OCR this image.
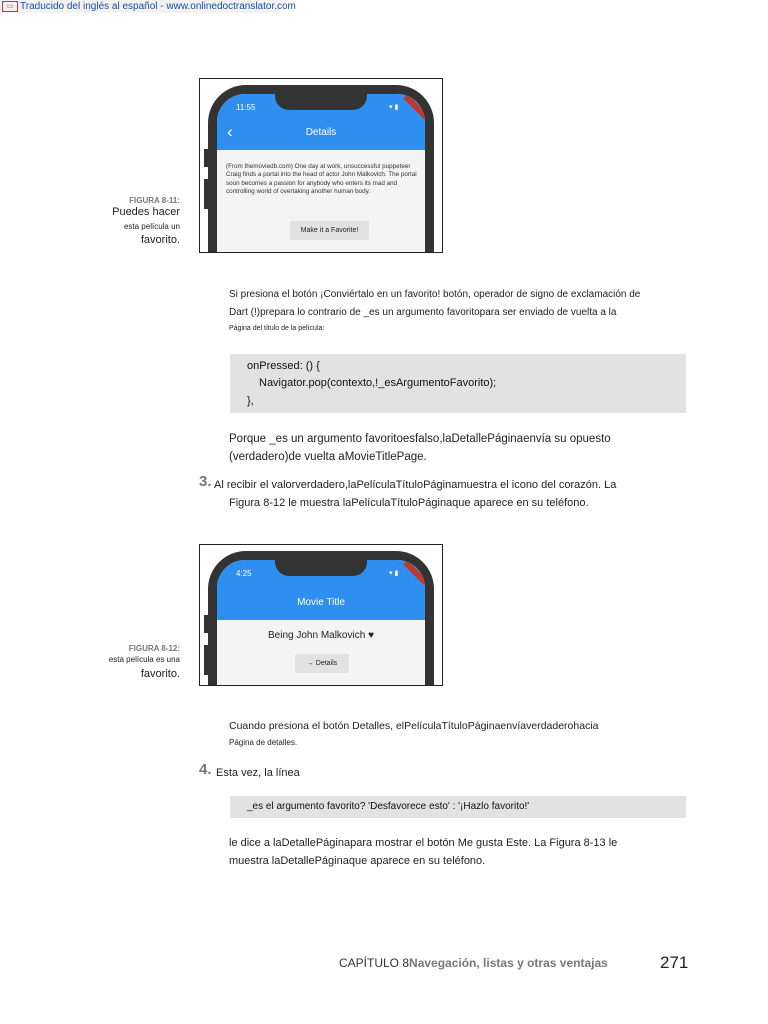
▭ Traducido del inglés al español - www.onlinedoctranslator.com
FIGURA 8-11:
Puedes hacer
esta película un
favorito.
11:55	▾ ▮
‹	Details
(From themoviedb.com) One day at work, unsuccessful puppeteer Craig finds a portal into the head of actor John Malkovich. The portal soon becomes a passion for anybody who enters its mad and controlling world of overtaking another human body.
Make it a Favorite!
Si presiona el botón ¡Conviértalo en un favorito! botón, operador de signo de exclamación de
Dart (!)prepara lo contrario de _es un argumento favoritopara ser enviado de vuelta a la
Página del título de la película:
onPressed: () {
Navigator.pop(contexto,!_esArgumentoFavorito);
},
Porque _es un argumento favoritoesfalso,laDetallePáginaenvía su opuesto
(verdadero)de vuelta aMovieTitlePage.
3. Al recibir el valorverdadero,laPelículaTítuloPáginamuestra el icono del corazón. La
Figura 8-12 le muestra laPelículaTítuloPáginaque aparece en su teléfono.
FIGURA 8-12:
esta película es una
favorito.
4:25	▾ ▮
Movie Title
Being John Malkovich ♥
→ Details
Cuando presiona el botón Detalles, elPelículaTítuloPáginaenvíaverdaderohacia
Página de detalles.
4. Esta vez, la línea
_es el argumento favorito? 'Desfavorece esto' : '¡Hazlo favorito!'
le dice a laDetallePáginapara mostrar el botón Me gusta Este. La Figura 8-13 le
muestra laDetallePáginaque aparece en su teléfono.
CAPÍTULO 8Navegación, listas y otras ventajas	271
